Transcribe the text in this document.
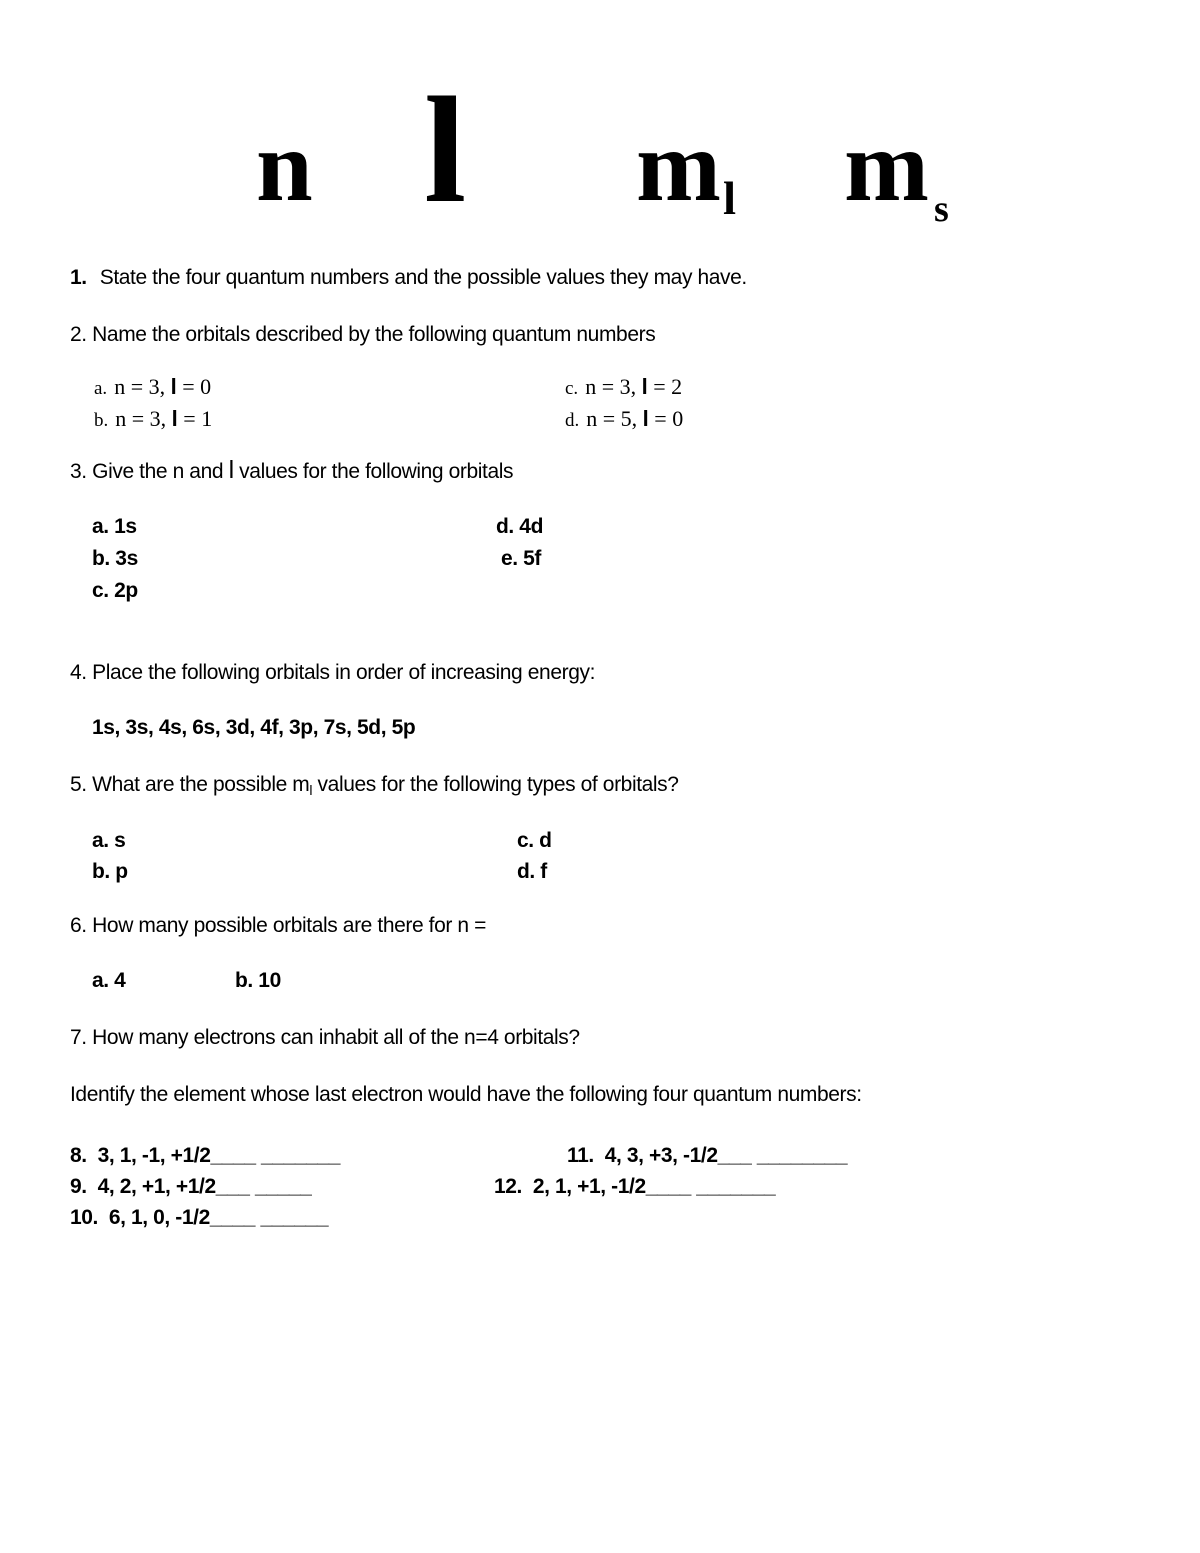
n l ml m $_s$
1. State the four quantum numbers and the possible values they may have.
2. Name the orbitals described by the following quantum numbers
a. n = 3, l = 0
b. n = 3, l = 1
c. n = 3, l = 2
d. n = 5, l = 0
3. Give the n and l values for the following orbitals
a. 1s
b. 3s
c. 2p
d. 4d
e. 5f
4. Place the following orbitals in order of increasing energy:
1s, 3s, 4s, 6s, 3d, 4f, 3p, 7s, 5d, 5p
5. What are the possible ml values for the following types of orbitals?
a. s
b. p
c. d
d. f
6. How many possible orbitals are there for n =
a. 4	b. 10
7. How many electrons can inhabit all of the n=4 orbitals?
Identify the element whose last electron would have the following four quantum numbers:
8.  3, 1, -1, +1/2____ _______
9.  4, 2, +1, +1/2___ _____
10.  6, 1, 0, -1/2____ ______
11.  4, 3, +3, -1/2___ ________
12.  2, 1, +1, -1/2____ _______
